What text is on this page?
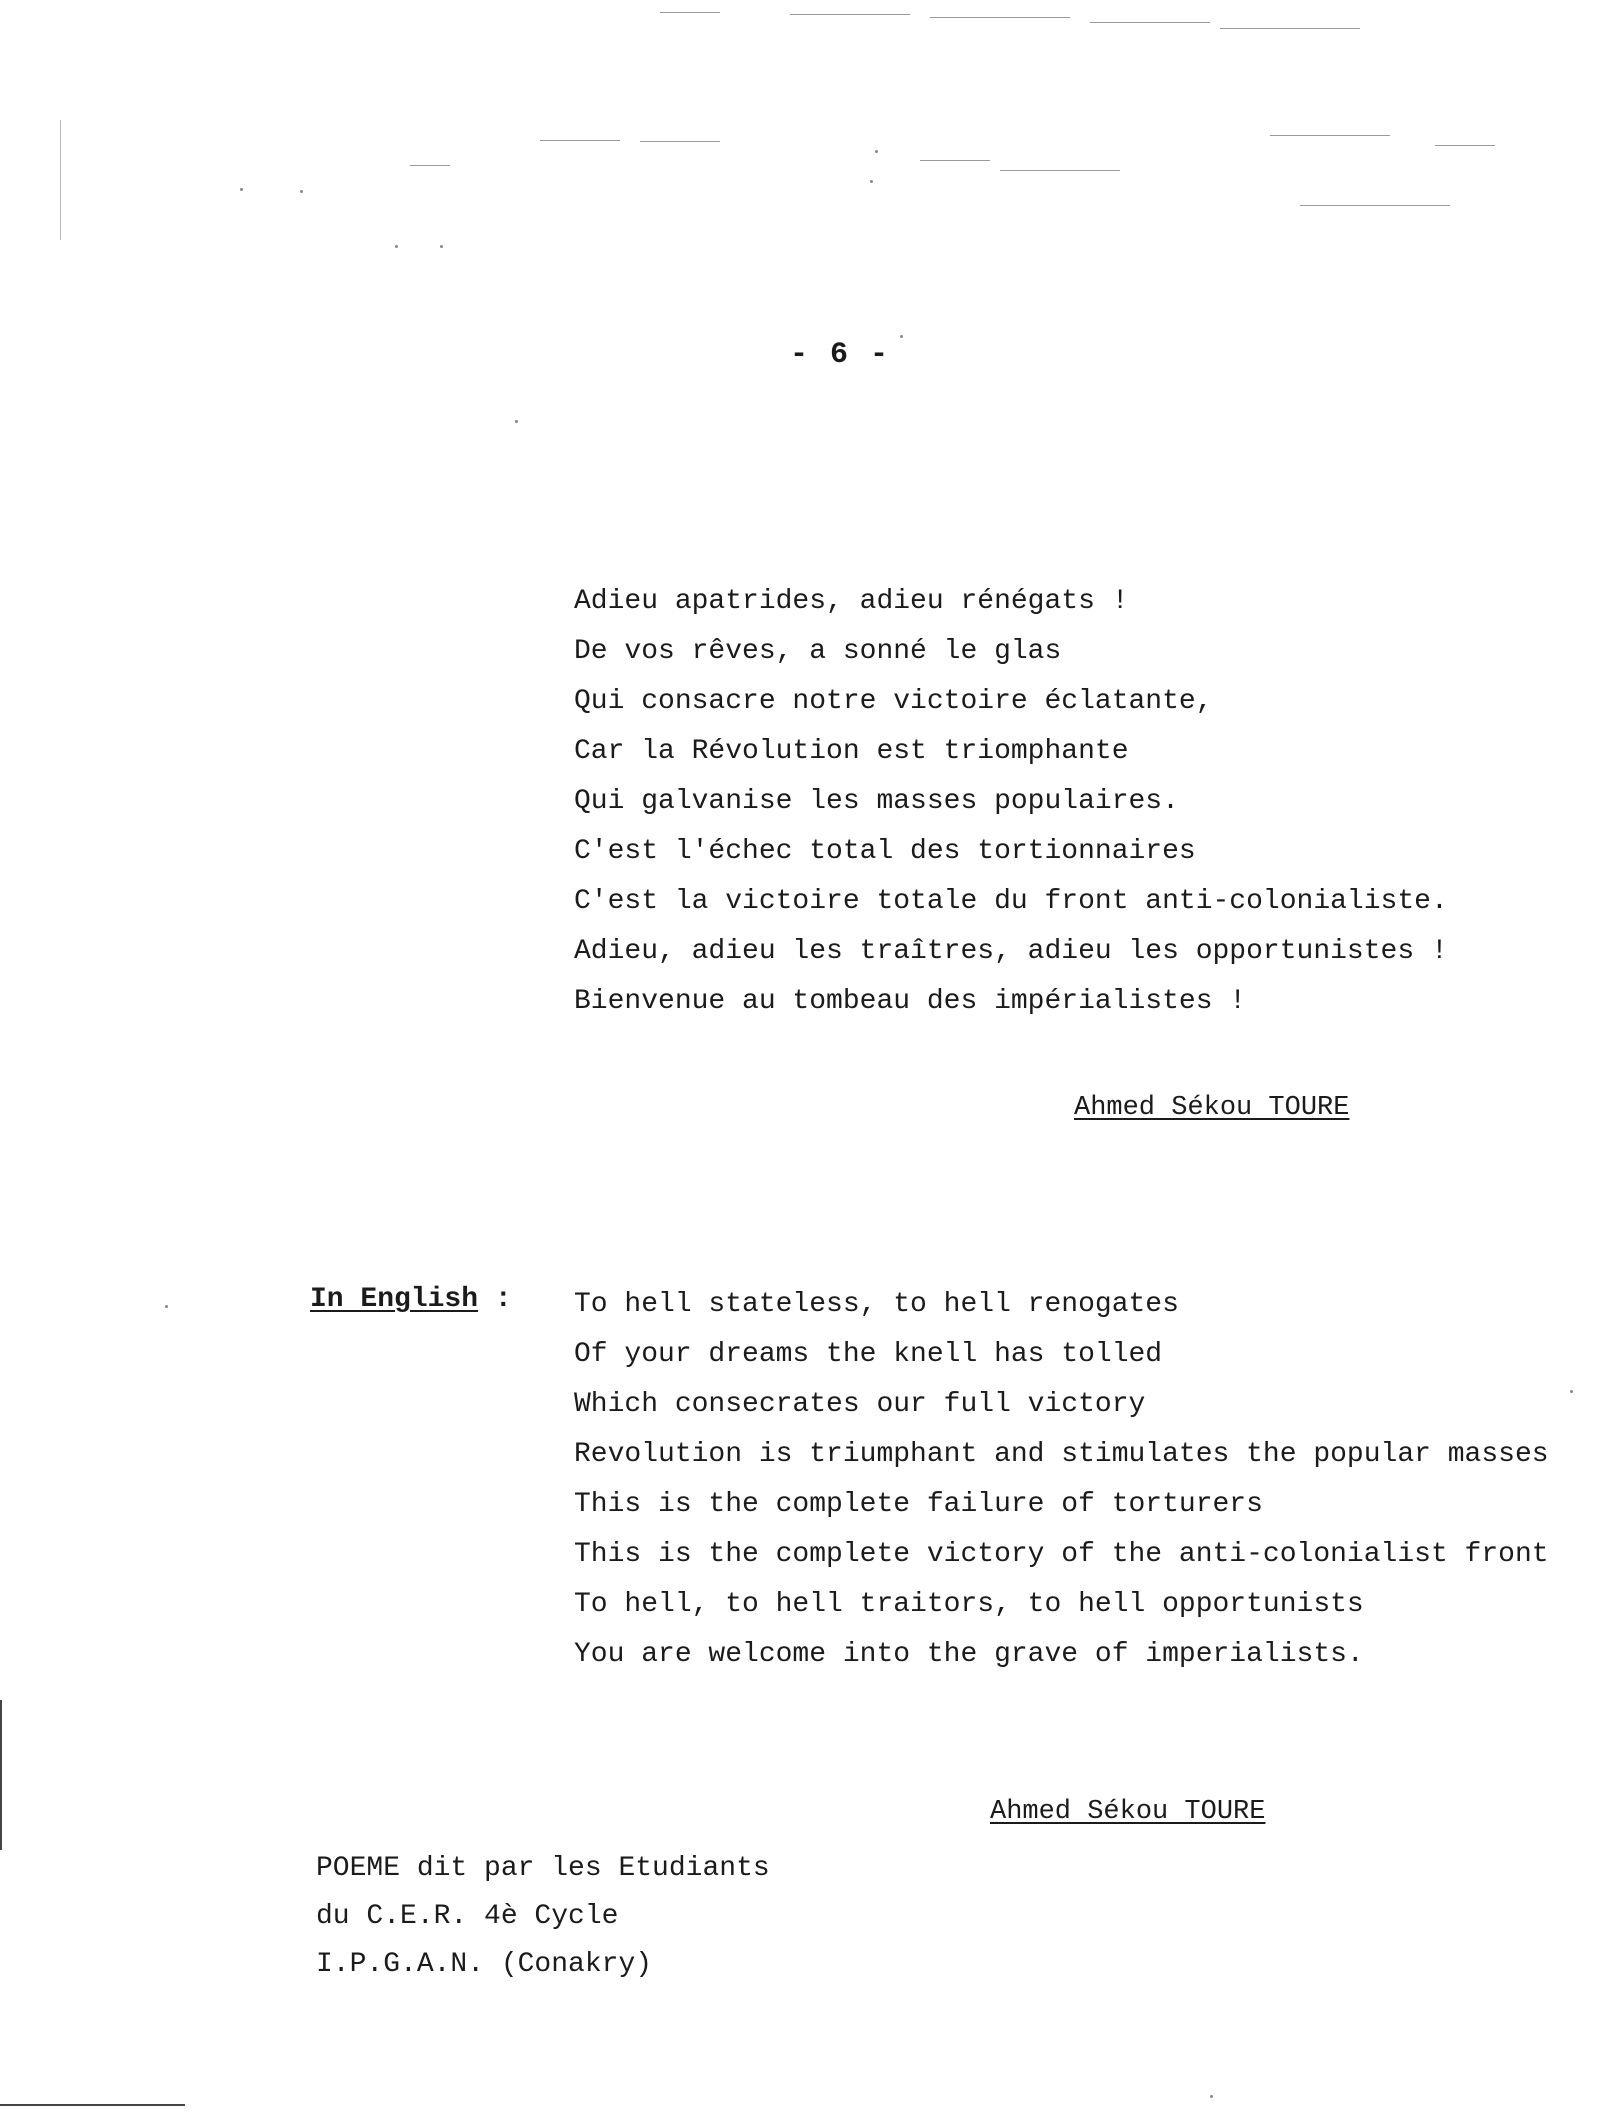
- 6 -
Adieu apatrides, adieu rénégats !
De vos rêves, a sonné le glas
Qui consacre notre victoire éclatante,
Car la Révolution est triomphante
Qui galvanise les masses populaires.
C'est l'échec total des tortionnaires
C'est la victoire totale du front anti-colonialiste.
Adieu, adieu les traîtres, adieu les opportunistes !
Bienvenue au tombeau des impérialistes !
Ahmed Sékou TOURE
In English : To hell stateless, to hell renogates
Of your dreams the knell has tolled
Which consecrates our full victory
Revolution is triumphant and stimulates the popular masses
This is the complete failure of torturers
This is the complete victory of the anti-colonialist front
To hell, to hell traitors, to hell opportunists
You are welcome into the grave of imperialists.
Ahmed Sékou TOURE
POEME dit par les Etudiants
du C.E.R. 4è Cycle
I.P.G.A.N. (Conakry)
